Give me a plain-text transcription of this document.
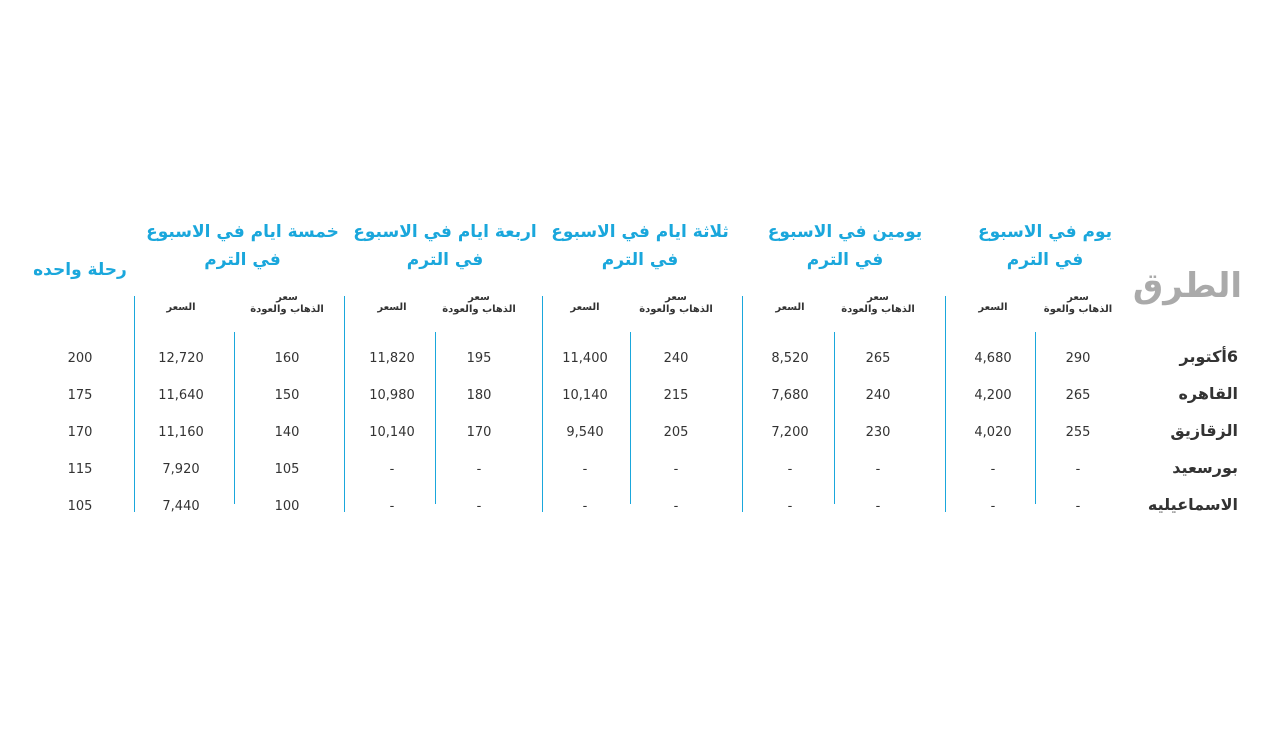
الطرق
رحلة واحده
يوم في الاسبوع
في الترم
يومين في الاسبوع
في الترم
ثلاثة ايام في الاسبوع
في الترم
اربعة ايام في الاسبوع
في الترم
خمسة ايام في الاسبوع
في الترم
سعر
الذهاب والعوة
السعر
سعر
الذهاب والعودة
السعر
سعر
الذهاب والعودة
السعر
سعر
الذهاب والعودة
السعر
سعر
الذهاب والعودة
السعر
6أكتوبر
290
4,680
265
8,520
240
11,400
195
11,820
160
12,720
200
القاهره
265
4,200
240
7,680
215
10,140
180
10,980
150
11,640
175
الزقازيق
255
4,020
230
7,200
205
9,540
170
10,140
140
11,160
170
بورسعيد
-
-
-
-
-
-
-
-
105
7,920
115
الاسماعيليه
-
-
-
-
-
-
-
-
100
7,440
105
